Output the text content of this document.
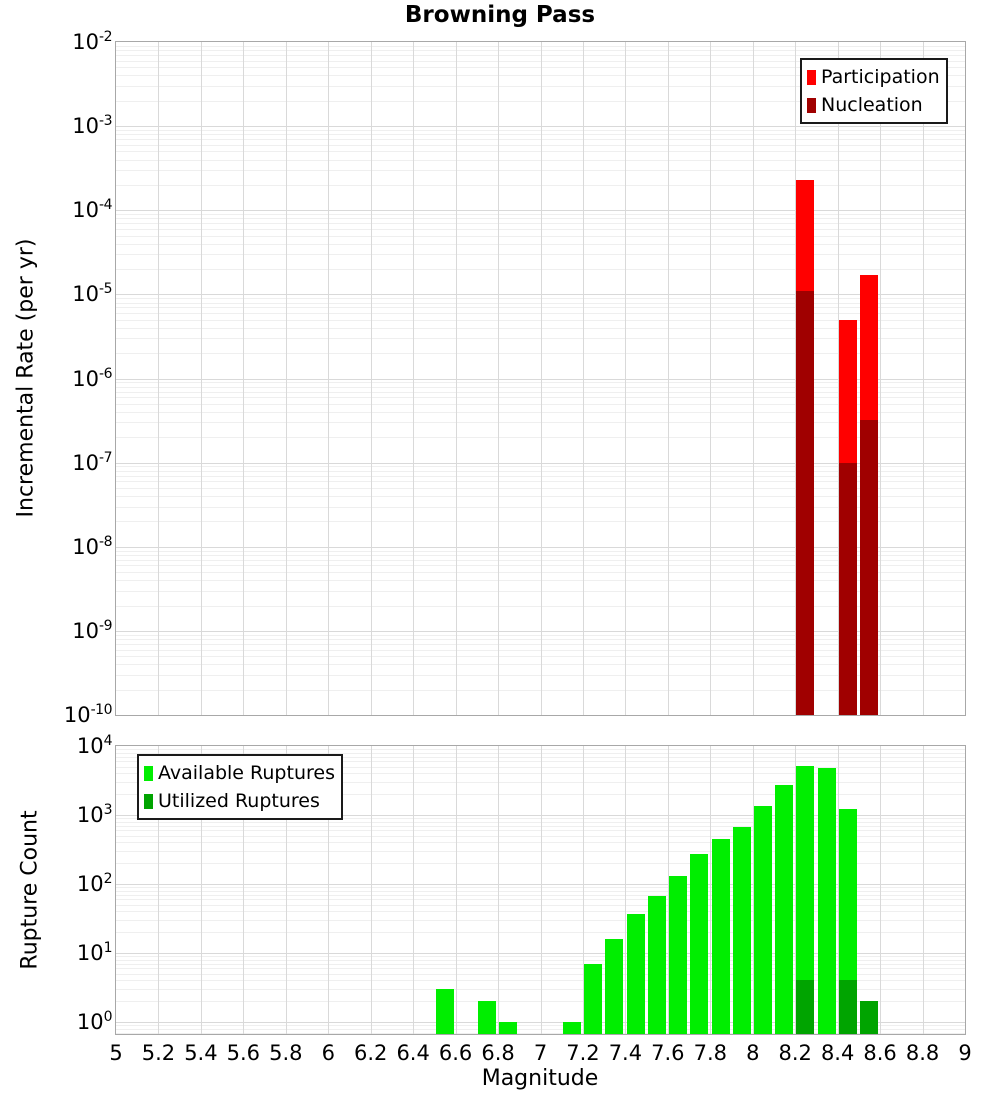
Browning Pass
Incremental Rate (per yr)
Rupture Count
Magnitude
Participation
Nucleation
Available Ruptures
Utilized Ruptures
$10^{-2}$
$10^{-3}$
$10^{-4}$
$10^{-5}$
$10^{-6}$
$10^{-7}$
$10^{-8}$
$10^{-9}$
$10^{-10}$
$10^4$
$10^3$
$10^2$
$10^1$
$10^0$
5 5.2 5.4 5.6 5.8 6 6.2 6.4 6.6 6.8 7 7.2 7.4 7.6 7.8 8 8.2 8.4 8.6 8.8 9
